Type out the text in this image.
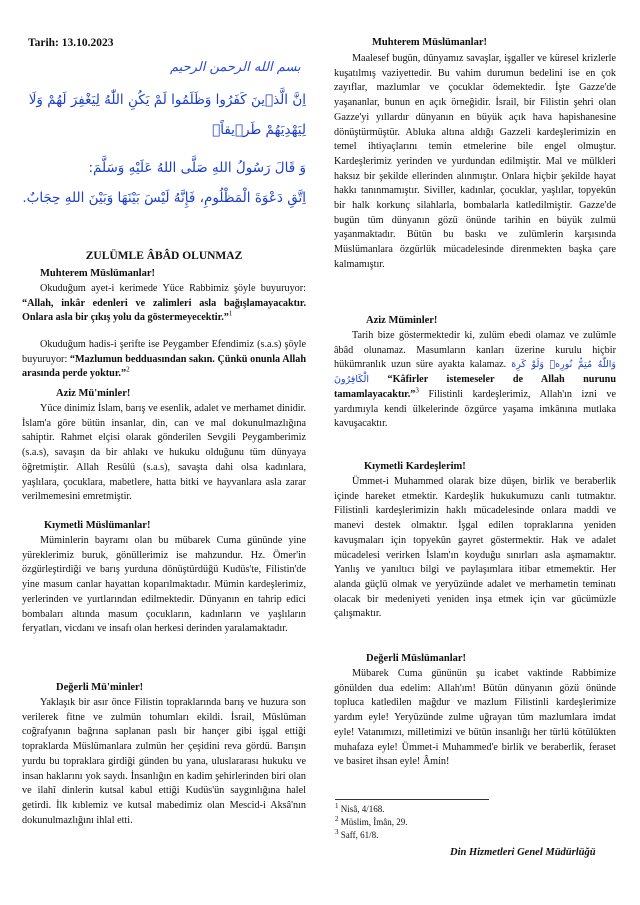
Tarih: 13.10.2023
بسم الله الرحمن الرحيم
اِنَّ الَّذ۪ينَ كَفَرُوا وَظَلَمُوا لَمْ يَكُنِ اللّٰهُ لِيَغْفِرَ لَهُمْ وَلَا
لِيَهْدِيَهُمْ طَر۪يقاًۙ
وَ قَالَ رَسُولُ اللهِ صَلَّى اللهُ عَلَيْهِ وَسَلَّمَ:
اِتَّقِ دَعْوَةَ الْمَظْلُومِ، فَإِنَّهُ لَيْسَ بَيْنَهَا وَبَيْنَ اللهِ حِجَابٌ.
ZULÜMLE ÂBÂD OLUNMAZ
Muhterem Müslümanlar!

Okuduğum ayet-i kerimede Yüce Rabbimiz şöyle buyuruyor: “Allah, inkâr edenleri ve zalimleri asla bağışlamayacaktır. Onlara asla bir çıkış yolu da göstermeyecektir.”$^1$

Okuduğum hadis-i şerifte ise Peygamber Efendimiz (s.a.s) şöyle buyuruyor: “Mazlumun bedduasından sakın. Çünkü onunla Allah arasında perde yoktur.”$^2$

Aziz Mü'minler!

Yüce dinimiz İslam, barış ve esenlik, adalet ve merhamet dinidir. İslam'a göre bütün insanlar, din, can ve mal dokunulmazlığına sahiptir. Rahmet elçisi olarak gönderilen Sevgili Peygamberimiz (s.a.s), savaşın da bir ahlakı ve hukuku olduğunu tüm dünyaya öğretmiştir. Allah Resûlü (s.a.s), savaşta dahi olsa kadınlara, yaşlılara, çocuklara, mabetlere, hatta bitki ve hayvanlara asla zarar verilmemesini emretmiştir.

Kıymetli Müslümanlar!

Müminlerin bayramı olan bu mübarek Cuma gününde yine yüreklerimiz buruk, gönüllerimiz ise mahzundur. Hz. Ömer'in özgürleştirdiği ve barış yurduna dönüştürdüğü Kudüs'te, Filistin'de yine masum canlar hayattan koparılmaktadır. Mümin kardeşlerimiz, yerlerinden ve yurtlarından edilmektedir. Dünyanın en tahrip edici bombaları altında masum çocukların, kadınların ve yaşlıların feryatları, vicdanı ve insafı olan herkesi derinden yaralamaktadır.

Değerli Mü'minler!

Yaklaşık bir asır önce Filistin topraklarında barış ve huzura son verilerek fitne ve zulmün tohumları ekildi. İsrail, Müslüman coğrafyanın bağrına saplanan paslı bir hançer gibi işgal ettiği topraklarda Müslümanlara zulmün her çeşidini reva gördü. Barışın yurdu bu topraklara girdiği günden bu yana, uluslararası hukuku ve insan haklarını yok saydı. İnsanlığın en kadim şehirlerinden biri olan ve ilahî dinlerin kutsal kabul ettiği Kudüs'ün saygınlığına halel getirdi. İlk kıblemiz ve kutsal mabedimiz olan Mescid-i Aksâ'nın dokunulmazlığını ihlal etti.

Muhterem Müslümanlar!

Maalesef bugün, dünyamız savaşlar, işgaller ve küresel krizlerle kuşatılmış vaziyettedir. Bu vahim durumun bedelini ise en çok zayıflar, mazlumlar ve çocuklar ödemektedir. İşte Gazze'de yaşananlar, bunun en açık örneğidir. İsrail, bir Filistin şehri olan Gazze'yi yıllardır dünyanın en büyük açık hava hapishanesine dönüştürmüştür. Abluka altına aldığı Gazzeli kardeşlerimizin en temel ihtiyaçlarını temin etmelerine bile engel olmuştur. Kardeşlerimiz yerinden ve yurdundan edilmiştir. Mal ve mülkleri haksız bir şekilde ellerinden alınmıştır. Onlara hiçbir şekilde hayat hakkı tanınmamıştır. Siviller, kadınlar, çocuklar, yaşlılar, topyekûn bir halk korkunç silahlarla, bombalarla katledilmiştir. Gazze'de bugün tüm dünyanın gözü önünde tarihin en büyük zulmü yaşanmaktadır. Bütün bu baskı ve zulümlerin karşısında Müslümanlara özgürlük mücadelesinde direnmekten başka çare kalmamıştır.

Aziz Müminler!

Tarih bize göstermektedir ki, zulüm ebedi olamaz ve zulümle âbâd olunamaz. Masumların kanları üzerine kurulu hiçbir hükümranlık uzun süre ayakta kalamaz. وَاللّٰهُ مُتِمُّ نُورِه۪ وَلَوْ كَرِهَ الْكَافِرُونَ “Kâfirler istemeseler de Allah nurunu tamamlayacaktır.”$^3$ Filistinli kardeşlerimiz, Allah'ın izni ve yardımıyla kendi ülkelerinde özgürce yaşama imkânına mutlaka kavuşacaktır.

Kıymetli Kardeşlerim!

Ümmet-i Muhammed olarak bize düşen, birlik ve beraberlik içinde hareket etmektir. Kardeşlik hukukumuzu canlı tutmaktır. Filistinli kardeşlerimizin haklı mücadelesinde onlara maddi ve manevi destek olmaktır. İşgal edilen topraklarına yeniden kavuşmaları için topyekûn gayret göstermektir. Hak ve adalet mücadelesi verirken İslam'ın koyduğu sınırları asla aşmamaktır. Yanlış ve yanıltıcı bilgi ve paylaşımlara itibar etmemektir. Her alanda güçlü olmak ve yeryüzünde adalet ve merhametin teminatı olacak bir medeniyeti yeniden inşa etmek için var gücümüzle çalışmaktır.

Değerli Müslümanlar!

Mübarek Cuma gününün şu icabet vaktinde Rabbimize gönülden dua edelim: Allah'ım! Bütün dünyanın gözü önünde topluca katledilen mağdur ve mazlum Filistinli kardeşlerimize yardım eyle! Yeryüzünde zulme uğrayan tüm mazlumlara imdat eyle! Vatanımızı, milletimizi ve bütün insanlığı her türlü kötülükten muhafaza eyle! Ümmet-i Muhammed'e birlik ve beraberlik, feraset ve basiret ihsan eyle! Âmin!

$^1$ Nisâ, 4/168.
$^2$ Müslim, İmân, 29.
$^3$ Saff, 61/8.
Din Hizmetleri Genel Müdürlüğü
